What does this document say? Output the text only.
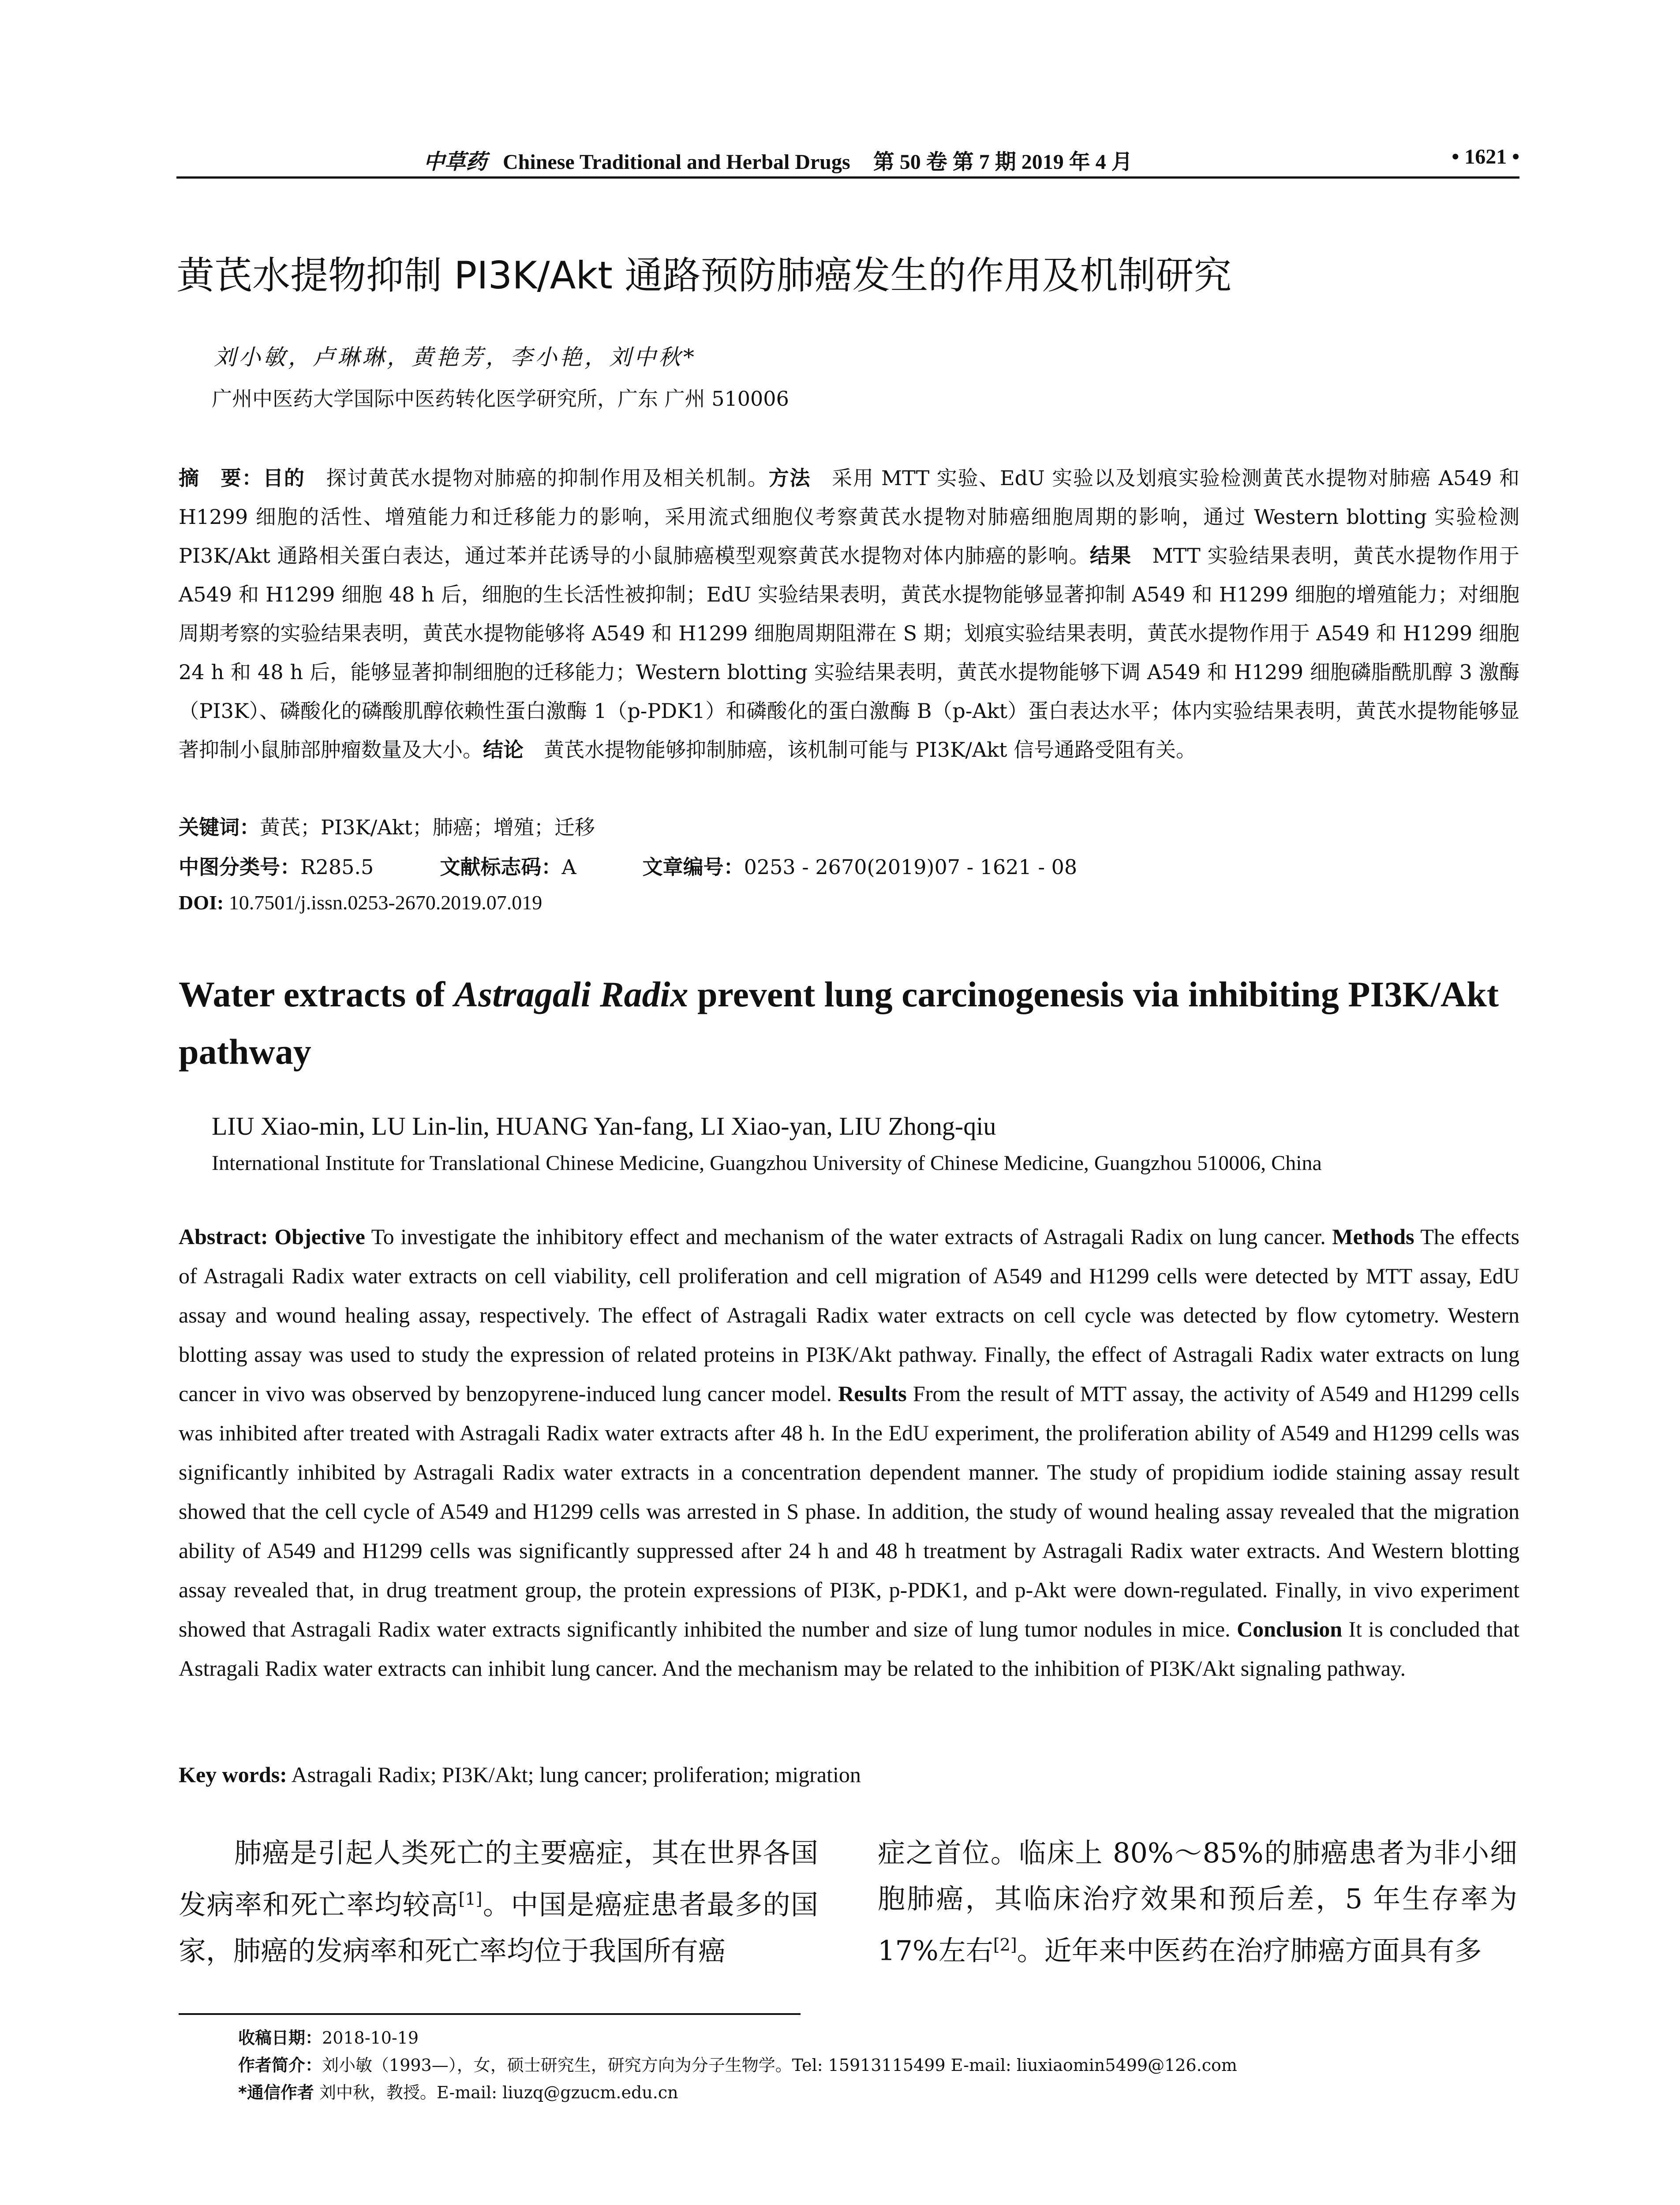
中草药 Chinese Traditional and Herbal Drugs 第 50 卷 第 7 期 2019 年 4 月	• 1621 •
黄芪水提物抑制 PI3K/Akt 通路预防肺癌发生的作用及机制研究
刘小敏，卢琳琳，黄艳芳，李小艳，刘中秋*
广州中医药大学国际中医药转化医学研究所，广东 广州 510006
摘　要：目的　探讨黄芪水提物对肺癌的抑制作用及相关机制。方法　采用 MTT 实验、EdU 实验以及划痕实验检测黄芪水提物对肺癌 A549 和 H1299 细胞的活性、增殖能力和迁移能力的影响，采用流式细胞仪考察黄芪水提物对肺癌细胞周期的影响，通过 Western blotting 实验检测 PI3K/Akt 通路相关蛋白表达，通过苯并芘诱导的小鼠肺癌模型观察黄芪水提物对体内肺癌的影响。结果　MTT 实验结果表明，黄芪水提物作用于 A549 和 H1299 细胞 48 h 后，细胞的生长活性被抑制；EdU 实验结果表明，黄芪水提物能够显著抑制 A549 和 H1299 细胞的增殖能力；对细胞周期考察的实验结果表明，黄芪水提物能够将 A549 和 H1299 细胞周期阻滞在 S 期；划痕实验结果表明，黄芪水提物作用于 A549 和 H1299 细胞 24 h 和 48 h 后，能够显著抑制细胞的迁移能力；Western blotting 实验结果表明，黄芪水提物能够下调 A549 和 H1299 细胞磷脂酰肌醇 3 激酶（PI3K）、磷酸化的磷酸肌醇依赖性蛋白激酶 1（p-PDK1）和磷酸化的蛋白激酶 B（p-Akt）蛋白表达水平；体内实验结果表明，黄芪水提物能够显著抑制小鼠肺部肿瘤数量及大小。结论　黄芪水提物能够抑制肺癌，该机制可能与 PI3K/Akt 信号通路受阻有关。
关键词：黄芪；PI3K/Akt；肺癌；增殖；迁移
中图分类号：R285.5	文献标志码：A	文章编号：0253 - 2670(2019)07 - 1621 - 08
DOI: 10.7501/j.issn.0253-2670.2019.07.019
Water extracts of Astragali Radix prevent lung carcinogenesis via inhibiting PI3K/Akt pathway
LIU Xiao-min, LU Lin-lin, HUANG Yan-fang, LI Xiao-yan, LIU Zhong-qiu
International Institute for Translational Chinese Medicine, Guangzhou University of Chinese Medicine, Guangzhou 510006, China
Abstract: Objective To investigate the inhibitory effect and mechanism of the water extracts of Astragali Radix on lung cancer. Methods The effects of Astragali Radix water extracts on cell viability, cell proliferation and cell migration of A549 and H1299 cells were detected by MTT assay, EdU assay and wound healing assay, respectively. The effect of Astragali Radix water extracts on cell cycle was detected by flow cytometry. Western blotting assay was used to study the expression of related proteins in PI3K/Akt pathway. Finally, the effect of Astragali Radix water extracts on lung cancer in vivo was observed by benzopyrene-induced lung cancer model. Results From the result of MTT assay, the activity of A549 and H1299 cells was inhibited after treated with Astragali Radix water extracts after 48 h. In the EdU experiment, the proliferation ability of A549 and H1299 cells was significantly inhibited by Astragali Radix water extracts in a concentration dependent manner. The study of propidium iodide staining assay result showed that the cell cycle of A549 and H1299 cells was arrested in S phase. In addition, the study of wound healing assay revealed that the migration ability of A549 and H1299 cells was significantly suppressed after 24 h and 48 h treatment by Astragali Radix water extracts. And Western blotting assay revealed that, in drug treatment group, the protein expressions of PI3K, p-PDK1, and p-Akt were down-regulated. Finally, in vivo experiment showed that Astragali Radix water extracts significantly inhibited the number and size of lung tumor nodules in mice. Conclusion It is concluded that Astragali Radix water extracts can inhibit lung cancer. And the mechanism may be related to the inhibition of PI3K/Akt signaling pathway.
Key words: Astragali Radix; PI3K/Akt; lung cancer; proliferation; migration
　　肺癌是引起人类死亡的主要癌症，其在世界各国发病率和死亡率均较高[1]。中国是癌症患者最多的国家，肺癌的发病率和死亡率均位于我国所有癌
症之首位。临床上 80%～85%的肺癌患者为非小细胞肺癌，其临床治疗效果和预后差，5 年生存率为 17%左右[2]。近年来中医药在治疗肺癌方面具有多
收稿日期：2018-10-19
作者简介：刘小敏（1993—），女，硕士研究生，研究方向为分子生物学。Tel: 15913115499 E-mail: liuxiaomin5499@126.com
*通信作者 刘中秋，教授。E-mail: liuzq@gzucm.edu.cn
